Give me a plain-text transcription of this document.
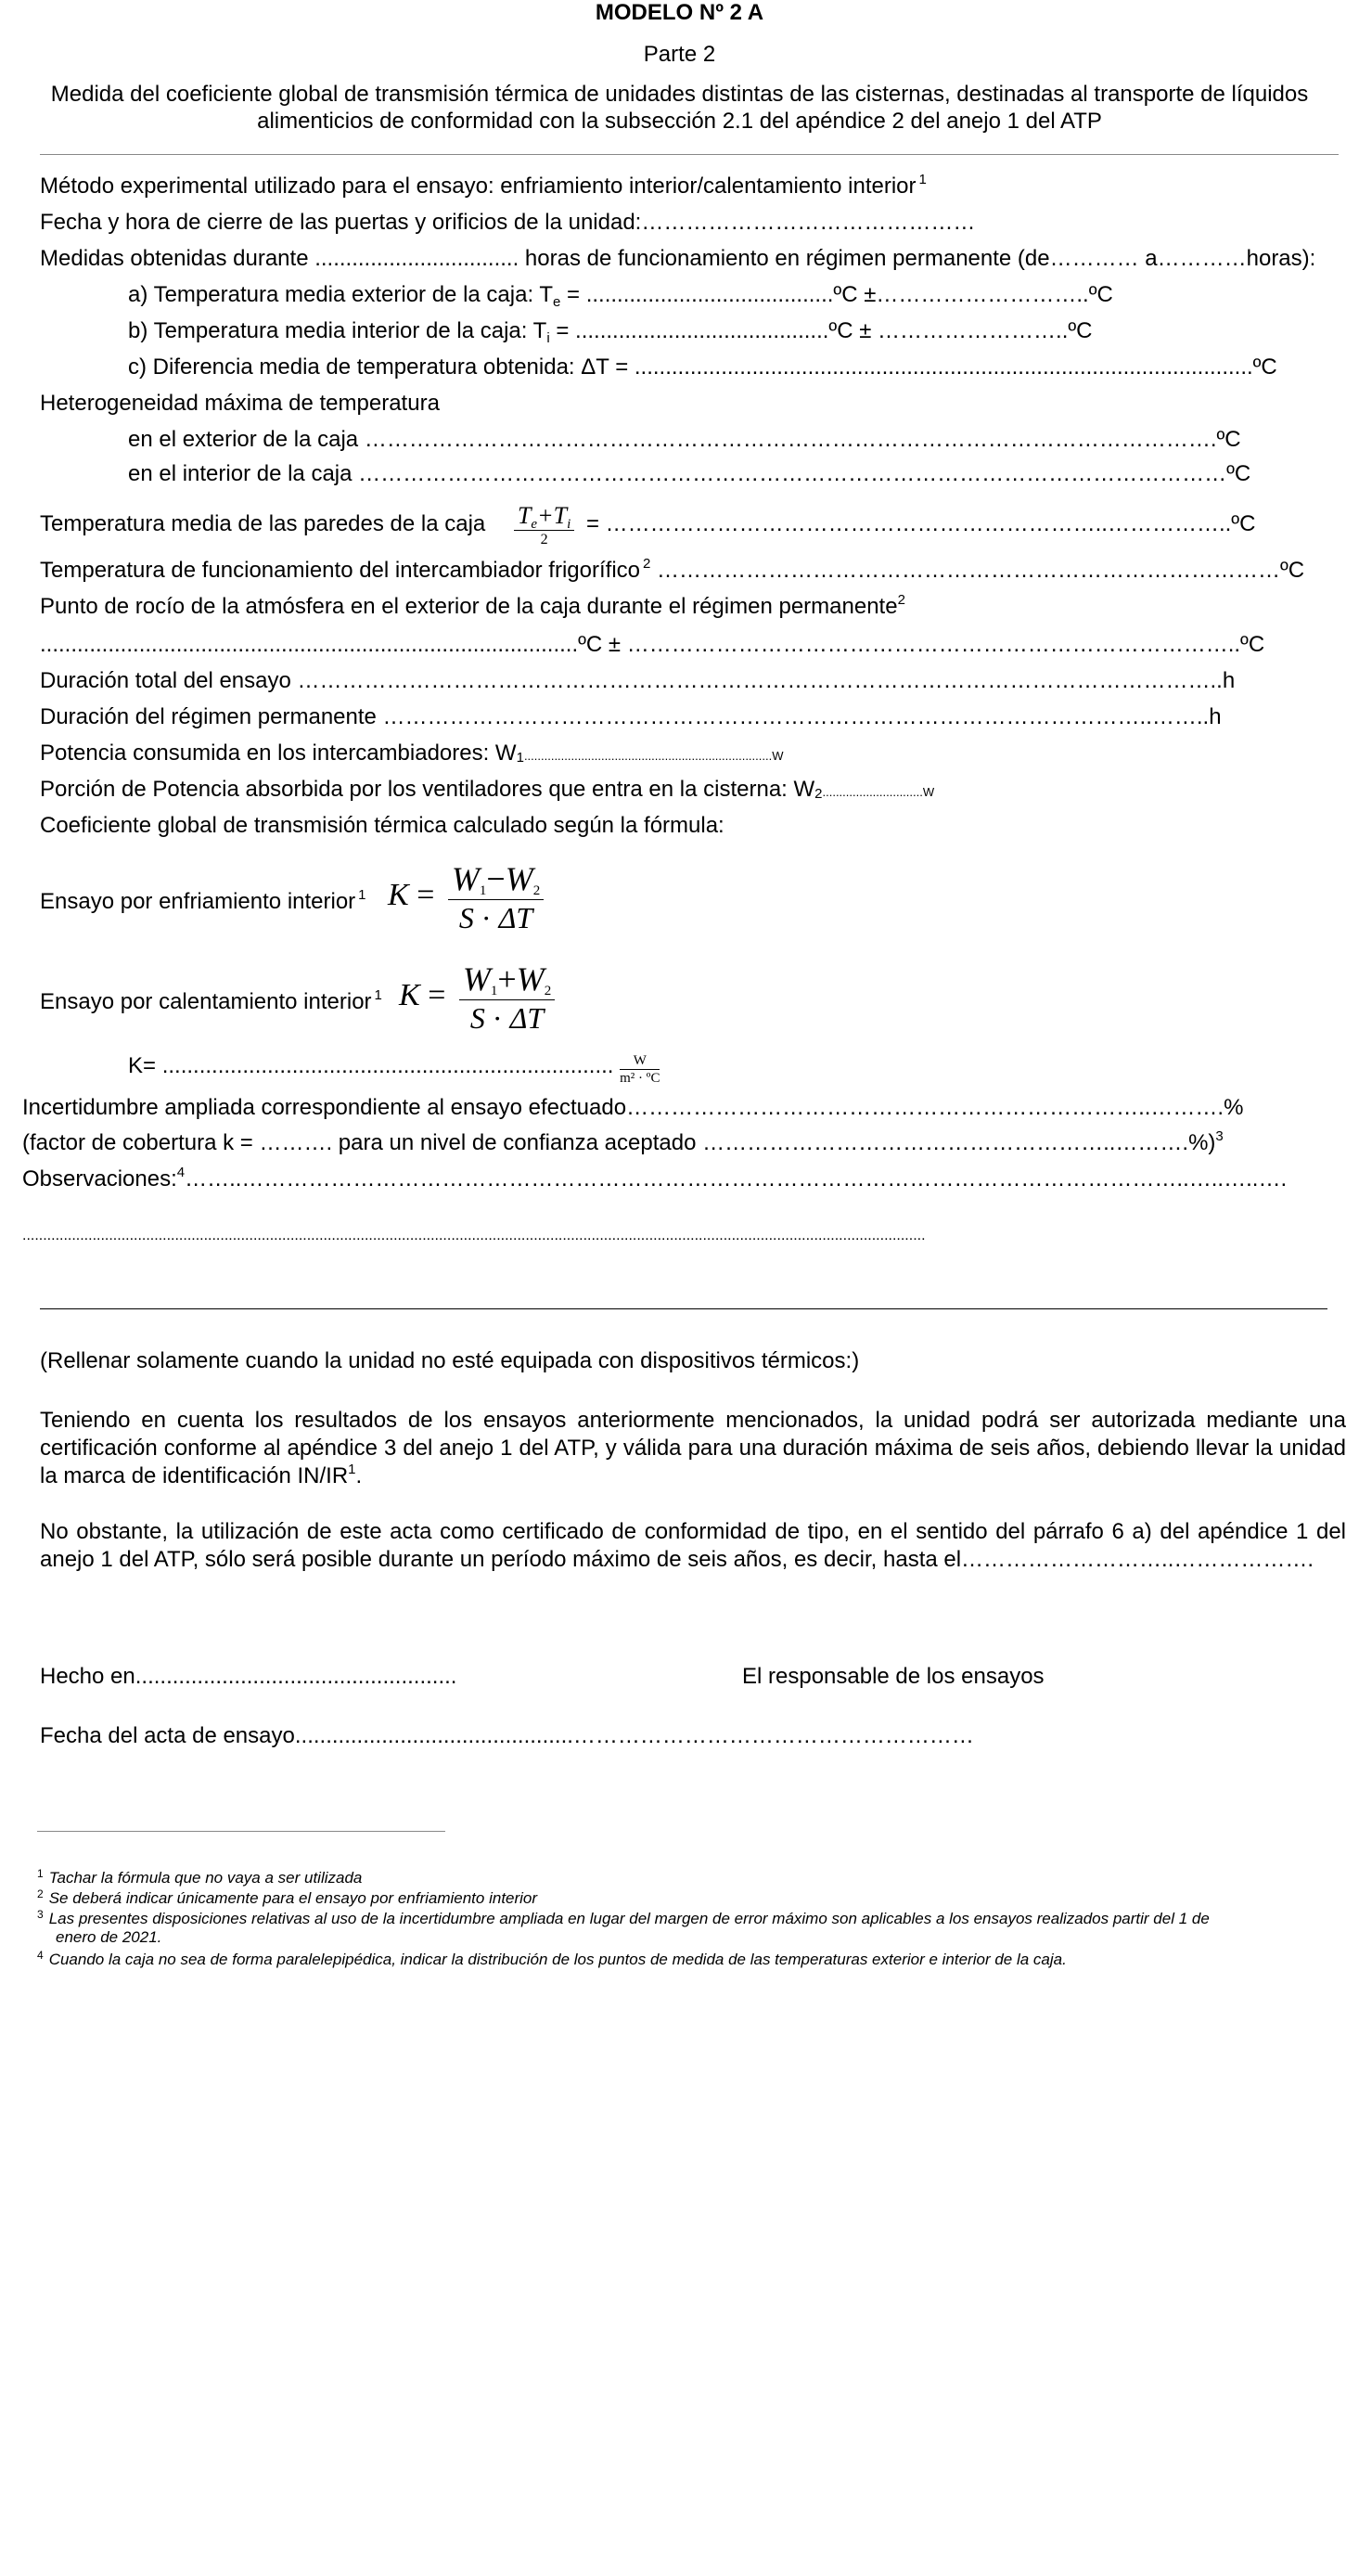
MODELO Nº 2 A
Parte 2
Medida del coeficiente global de transmisión térmica de unidades distintas de las cisternas, destinadas al transporte de líquidos
alimenticios de conformidad con la subsección 2.1 del apéndice 2 del anejo 1 del ATP
Método experimental utilizado para el ensayo: enfriamiento interior/calentamiento interior $^1$
Fecha y hora de cierre de las puertas y orificios de la unidad:………………………………………
Medidas obtenidas durante ................................. horas de funcionamiento en régimen permanente (de………… a…………horas):
a) Temperatura media exterior de la caja: $T_e$ = ........................................ºC ±………………………..ºC
b) Temperatura media interior de la caja: $T_i$ = .........................................ºC ± ……………………..ºC
c) Diferencia media de temperatura obtenida: ΔT = ....................................................................................................ºC
Heterogeneidad máxima de temperatura
en el exterior de la caja …………………………………………………………………………………………………….ºC
en el interior de la caja ………………………………………………………………………………………………………ºC
Temperatura media de las paredes de la caja $\frac{Te+Ti}{2}$ = …………………………………………………………..……………..ºC
Temperatura de funcionamiento del intercambiador frigorífico $^2$ …………………………………………………………………………ºC
Punto de rocío de la atmósfera en el exterior de la caja durante el régimen permanente$^2$
.......................................................................................ºC ± ………………………………………………………………………..ºC
Duración total del ensayo ……………………………………………………………………………………………………………..h
Duración del régimen permanente …………………………………………………………………………………………..……..h
Potencia consumida en los intercambiadores: W1..........................................................................W
Porción de Potencia absorbida por los ventiladores que entra en la cisterna: W2..............................W
Coeficiente global de transmisión térmica calculado según la fórmula:
Ensayo por enfriamiento interior $^1$ $K = \frac{W1-W2}{S \cdot \Delta T}$
Ensayo por calentamiento interior $^1$ $K = \frac{W1+W2}{S \cdot \Delta T}$
K= ......................................................................... $\frac{W}{\text{m² · ºC}}$
Incertidumbre ampliada correspondiente al ensayo efectuado……………………………………………………………..……….%
(factor de cobertura k = ………. para un nivel de confianza aceptado ………………………………………………..……….%)$^3$
Observaciones:$^4$……..………………………………………………………………………………………………………………..…..…..….
...........................................................................................................................................................................................................................
(Rellenar solamente cuando la unidad no esté equipada con dispositivos térmicos:)
Teniendo en cuenta los resultados de los ensayos anteriormente mencionados, la unidad podrá ser autorizada mediante una certificación conforme al apéndice 3 del anejo 1 del ATP, y válida para una duración máxima de seis años, debiendo llevar la unidad la marca de identificación $IN/IR^1$.
No obstante, la utilización de este acta como certificado de conformidad de tipo, en el sentido del párrafo 6 a) del apéndice 1 del anejo 1 del ATP, sólo será posible durante un período máximo de seis años, es decir, hasta el………………………..……………….
Hecho en....................................................	El responsable de los ensayos
Fecha del acta de ensayo.............................................………………………………………………
$^1$ Tachar la fórmula que no vaya a ser utilizada
$^2$ Se deberá indicar únicamente para el ensayo por enfriamiento interior
$^3$ Las presentes disposiciones relativas al uso de la incertidumbre ampliada en lugar del margen de error máximo son aplicables a los ensayos realizados partir del 1 de
enero de 2021.
$^4$ Cuando la caja no sea de forma paralelepipédica, indicar la distribución de los puntos de medida de las temperaturas exterior e interior de la caja.
